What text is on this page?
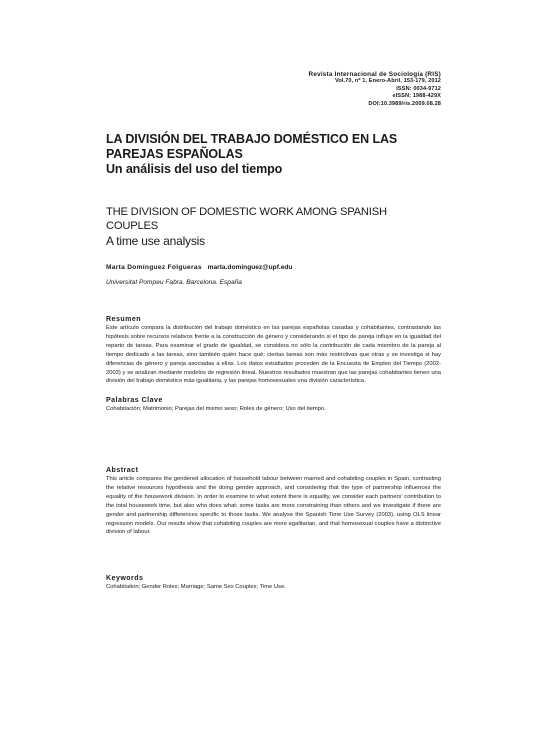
Revista Internacional de Sociología (RIS)
Vol.70, nº 1, Enero-Abril, 153-179, 2012
ISSN: 0034-9712
eISSN: 1988-429X
DOI:10.3989/ris.2009.08.28
LA DIVISIÓN DEL TRABAJO DOMÉSTICO EN LAS PAREJAS ESPAÑOLAS
Un análisis del uso del tiempo
THE DIVISION OF DOMESTIC WORK AMONG SPANISH COUPLES
A time use analysis
Marta Domínguez Folgueras marta.dominguez@upf.edu
Universitat Pompeu Fabra. Barcelona. España
Resumen

Este artículo compara la distribución del trabajo doméstico en las parejas españolas casadas y cohabitantes, contrastando las hipótesis sobre recursos relativos frente a la construcción de género y considerando si el tipo de pareja influye en la igualdad del reparto de tareas. Para examinar el grado de igualdad, se considera no sólo la contribución de cada miembro de la pareja al tiempo dedicado a las tareas, sino también quién hace qué: ciertas tareas son más restrictivas que otras y se investiga si hay diferencias de género y pareja asociadas a ellas. Los datos estudiados proceden de la Encuesta de Empleo del Tiempo (2002-2003) y se analizan mediante modelos de regresión lineal. Nuestros resultados muestran que las parejas cohabitantes tienen una división del trabajo doméstico más igualitaria, y las parejas homosexuales una división característica.

Palabras Clave

Cohabitación; Matrimonio; Parejas del mismo sexo; Roles de género; Uso del tiempo.

Abstract

This article compares the gendered allocation of household labour between married and cohabiting couples in Spain, contrasting the relative resources hypothesis and the doing gender approach, and considering that the type of partnership influences the equality of the housework division. In order to examine to what extent there is equality, we consider each partners' contribution to the total housework time, but also who does what: some tasks are more constraining than others and we investigate if there are gender and partnership differences specific to those tasks. We analyse the Spanish Time Use Survey (2003), using OLS linear regression models. Our results show that cohabiting couples are more egalitarian, and that homosexual couples have a distinctive division of labour.

Keywords

Cohabitation; Gender Roles; Marriage; Same Sex Couples; Time Use.
